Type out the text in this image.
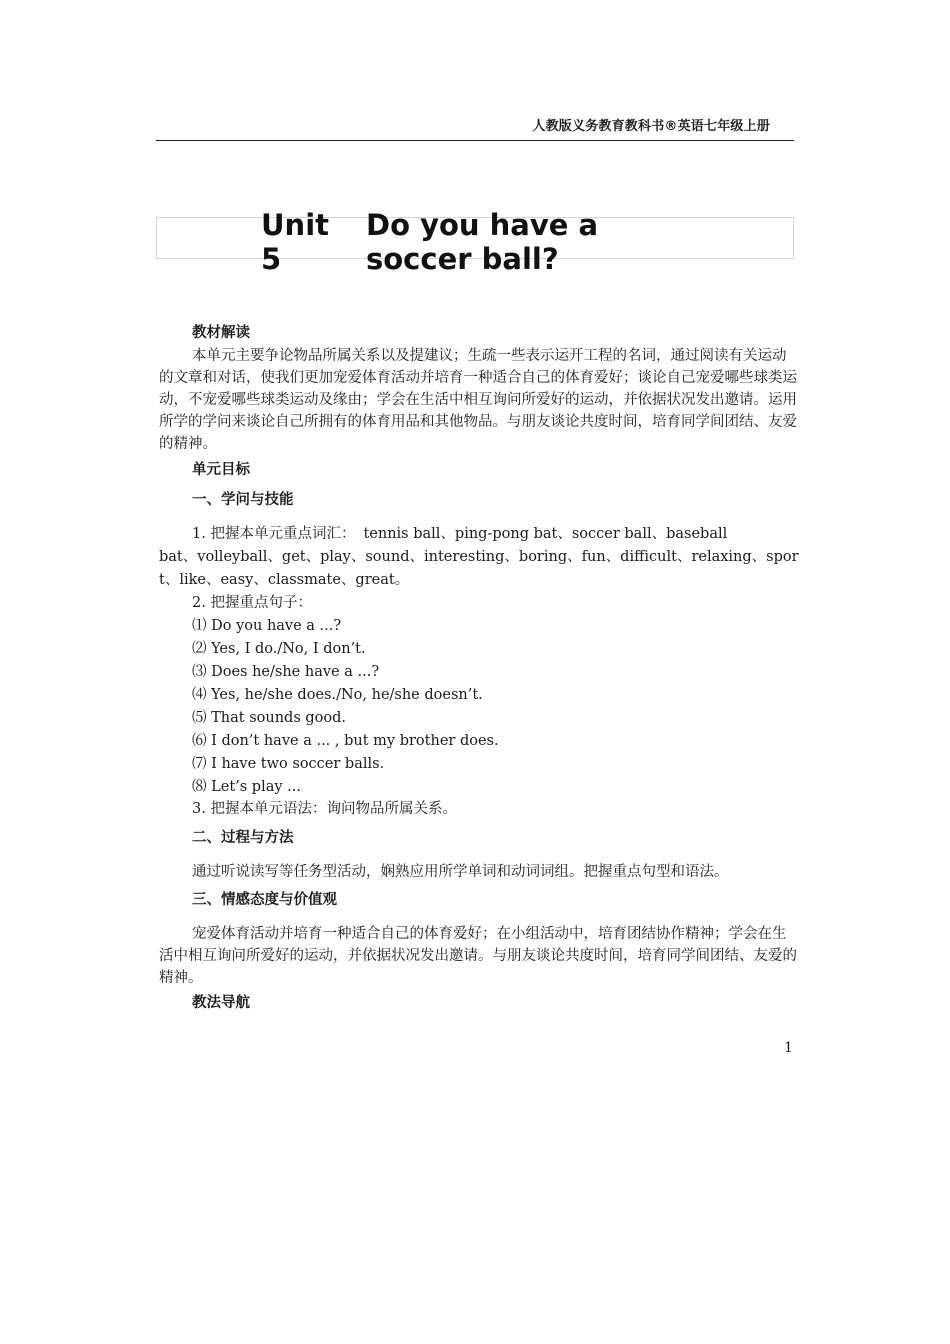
人教版义务教育教科书®英语七年级上册
Unit 5
Do you have a soccer ball?
教材解读
本单元主要争论物品所属关系以及提建议；生疏一些表示运开工程的名词，通过阅读有关运动的文章和对话，使我们更加宠爱体育活动并培育一种适合自己的体育爱好；谈论自己宠爱哪些球类运动，不宠爱哪些球类运动及缘由；学会在生活中相互询问所爱好的运动，并依据状况发出邀请。运用所学的学问来谈论自己所拥有的体育用品和其他物品。与朋友谈论共度时间，培育同学间团结、友爱的精神。
单元目标
一、学问与技能
1. 把握本单元重点词汇： tennis ball、ping-pong bat、soccer ball、baseball
bat、volleyball、get、play、sound、interesting、boring、fun、difficult、relaxing、sport、like、easy、classmate、great。
2. 把握重点句子：
⑴ Do you have a ...?
⑵ Yes, I do./No, I don’t.
⑶ Does he/she have a ...?
⑷ Yes, he/she does./No, he/she doesn’t.
⑸ That sounds good.
⑹ I don’t have a ... , but my brother does.
⑺ I have two soccer balls.
⑻ Let’s play ...
3. 把握本单元语法：询问物品所属关系。
二、过程与方法
通过听说读写等任务型活动，娴熟应用所学单词和动词词组。把握重点句型和语法。
三、情感态度与价值观
宠爱体育活动并培育一种适合自己的体育爱好；在小组活动中，培育团结协作精神；学会在生活中相互询问所爱好的运动，并依据状况发出邀请。与朋友谈论共度时间，培育同学间团结、友爱的精神。
教法导航
1
